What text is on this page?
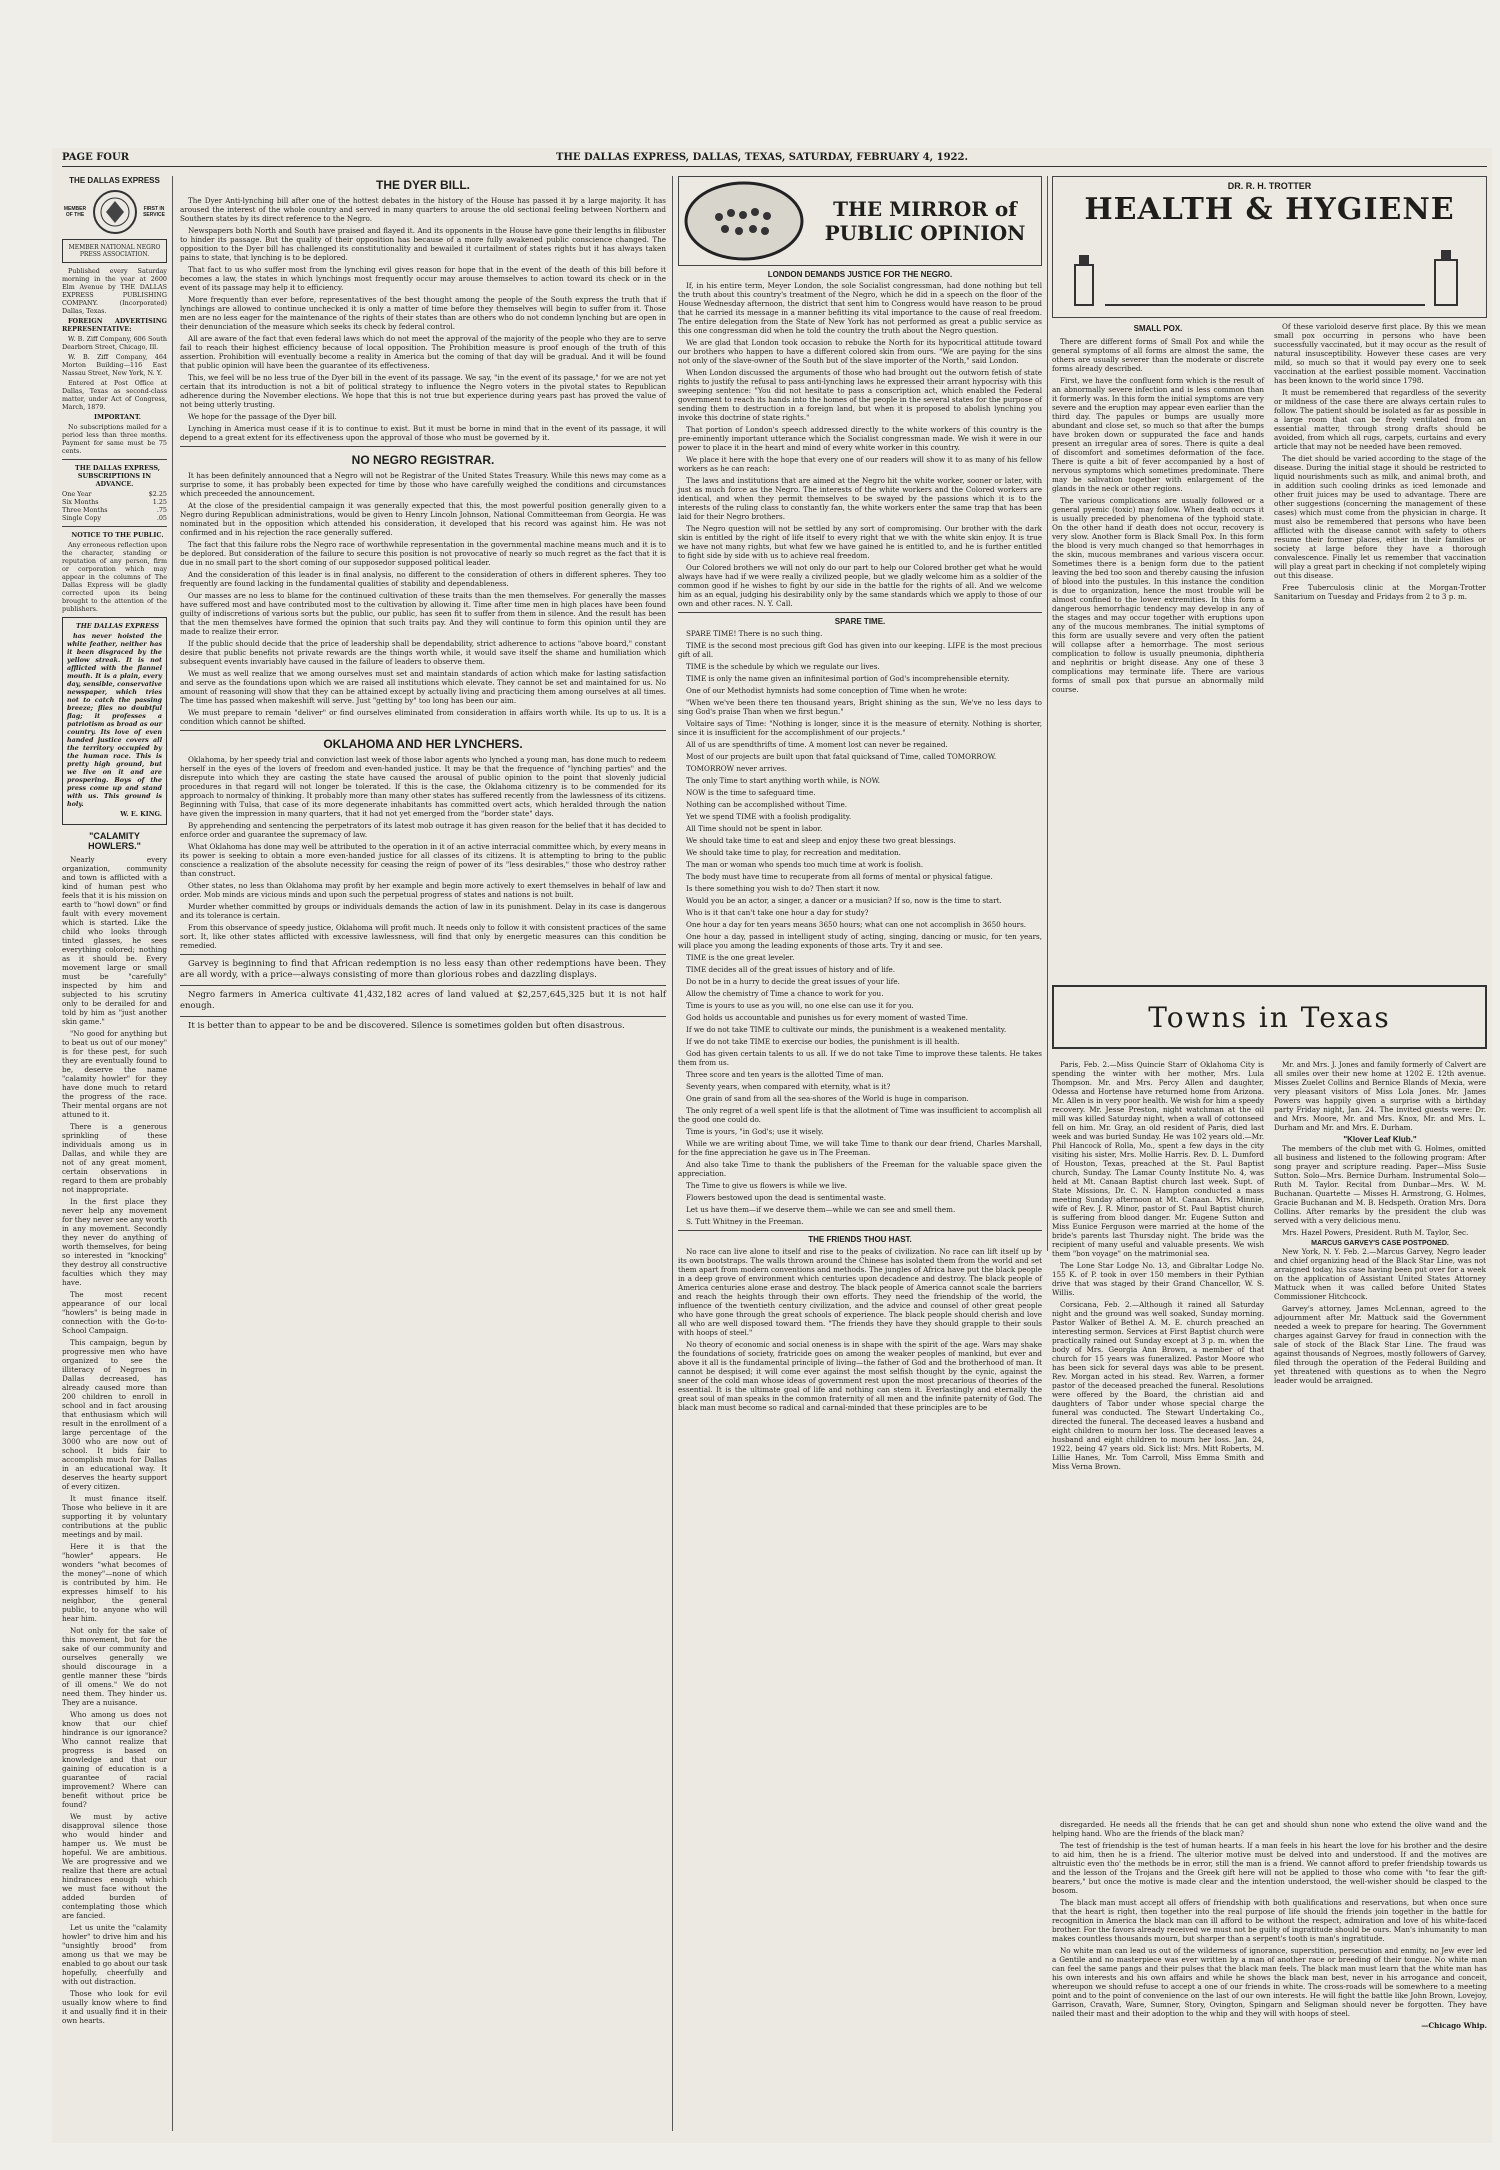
PAGE FOUR	THE DALLAS EXPRESS, DALLAS, TEXAS, SATURDAY, FEBRUARY 4, 1922.
THE DALLAS EXPRESS
MEMBER OF THE
FIRST IN SERVICE
MEMBER NATIONAL NEGRO PRESS ASSOCIATION.
Published every Saturday morning in the year at 2600 Elm Avenue by THE DALLAS EXPRESS PUBLISHING COMPANY. (Incorporated) Dallas, Texas.
FOREIGN ADVERTISING REPRESENTATIVE:
W. B. Ziff Company, 606 South Dearborn Street, Chicago, Ill.
W. B. Ziff Company, 464 Morton Building—116 East Nassau Street, New York, N. Y.
Entered at Post Office at Dallas, Texas as second-class matter, under Act of Congress, March, 1879.
IMPORTANT.
No subscriptions mailed for a period less than three months. Payment for same must be 75 cents.
THE DALLAS EXPRESS, SUBSCRIPTIONS IN ADVANCE.
One Year	$2.25
Six Months	1.25
Three Months	.75
Single Copy	.05
NOTICE TO THE PUBLIC.
Any erroneous reflection upon the character, standing or reputation of any person, firm or corporation which may appear in the columns of The Dallas Express will be gladly corrected upon its being brought to the attention of the publishers.
THE DALLAS EXPRESS
has never hoisted the white feather, neither has it been disgraced by the yellow streak. It is not afflicted with the flannel mouth. It is a plain, every day, sensible, conservative newspaper, which tries not to catch the passing breeze; flies no doubtful flag; it professes a patriotism as broad as our country. Its love of even handed justice covers all the territory occupied by the human race. This is pretty high ground, but we live on it and are prospering. Boys of the press come up and stand with us. This ground is holy.
W. E. KING.
"CALAMITY HOWLERS."
Nearly every organization, community and town is afflicted with a kind of human pest who feels that it is his mission on earth to "howl down" or find fault with every movement which is started. Like the child who looks through tinted glasses, he sees everything colored; nothing as it should be. Every movement large or small must be "carefully" inspected by him and subjected to his scrutiny only to be derailed for and told by him as "just another skin game."
"No good for anything but to beat us out of our money" is for these pest, for such they are eventually found to be, deserve the name "calamity howler" for they have done much to retard the progress of the race. Their mental organs are not attuned to it.
There is a generous sprinkling of these individuals among us in Dallas, and while they are not of any great moment, certain observations in regard to them are probably not inappropriate.
In the first place they never help any movement for they never see any worth in any movement. Secondly they never do anything of worth themselves, for being so interested in "knocking" they destroy all constructive faculties which they may have.
The most recent appearance of our local "howlers" is being made in connection with the Go-to-School Campaign.
This campaign, begun by progressive men who have organized to see the illiteracy of Negroes in Dallas decreased, has already caused more than 200 children to enroll in school and in fact arousing that enthusiasm which will result in the enrollment of a large percentage of the 3000 who are now out of school. It bids fair to accomplish much for Dallas in an educational way. It deserves the hearty support of every citizen.
It must finance itself. Those who believe in it are supporting it by voluntary contributions at the public meetings and by mail.
Here it is that the "howler" appears. He wonders "what becomes of the money"—none of which is contributed by him. He expresses himself to his neighbor, the general public, to anyone who will hear him.
Not only for the sake of this movement, but for the sake of our community and ourselves generally we should discourage in a gentle manner these "birds of ill omens." We do not need them. They hinder us. They are a nuisance.
Who among us does not know that our chief hindrance is our ignorance? Who cannot realize that progress is based on knowledge and that our gaining of education is a guarantee of racial improvement? Where can benefit without price be found?
We must by active disapproval silence those who would hinder and hamper us. We must be hopeful. We are ambitious. We are progressive and we realize that there are actual hindrances enough which we must face without the added burden of contemplating those which are fancied.
Let us unite the "calamity howler" to drive him and his "unsightly brood" from among us that we may be enabled to go about our task hopefully, cheerfully and with out distraction.
Those who look for evil usually know where to find it and usually find it in their own hearts.
THE DYER BILL.
The Dyer Anti-lynching bill after one of the hottest debates in the history of the House has passed it by a large majority. It has aroused the interest of the whole country and served in many quarters to arouse the old sectional feeling between Northern and Southern states by its direct reference to the Negro.
Newspapers both North and South have praised and flayed it. And its opponents in the House have gone their lengths in filibuster to hinder its passage. But the quality of their opposition has because of a more fully awakened public conscience changed. The opposition to the Dyer bill has challenged its constitutionality and bewailed it curtailment of states rights but it has always taken pains to state, that lynching is to be deplored.
That fact to us who suffer most from the lynching evil gives reason for hope that in the event of the death of this bill before it becomes a law, the states in which lynchings most frequently occur may arouse themselves to action toward its check or in the event of its passage may help it to efficiency.
More frequently than ever before, representatives of the best thought among the people of the South express the truth that if lynchings are allowed to continue unchecked it is only a matter of time before they themselves will begin to suffer from it. Those men are no less eager for the maintenance of the rights of their states than are others who do not condemn lynching but are open in their denunciation of the measure which seeks its check by federal control.
All are aware of the fact that even federal laws which do not meet the approval of the majority of the people who they are to serve fail to reach their highest efficiency because of local opposition. The Prohibition measure is proof enough of the truth of this assertion. Prohibition will eventually become a reality in America but the coming of that day will be gradual. And it will be found that public opinion will have been the guarantee of its effectiveness.
This, we feel will be no less true of the Dyer bill in the event of its passage. We say, "in the event of its passage," for we are not yet certain that its introduction is not a bit of political strategy to influence the Negro voters in the pivotal states to Republican adherence during the November elections. We hope that this is not true but experience during years past has proved the value of not being utterly trusting.
We hope for the passage of the Dyer bill.
Lynching in America must cease if it is to continue to exist. But it must be borne in mind that in the event of its passage, it will depend to a great extent for its effectiveness upon the approval of those who must be governed by it.
NO NEGRO REGISTRAR.
It has been definitely announced that a Negro will not be Registrar of the United States Treasury. While this news may come as a surprise to some, it has probably been expected for time by those who have carefully weighed the conditions and circumstances which preceeded the announcement.
At the close of the presidential campaign it was generally expected that this, the most powerful position generally given to a Negro during Republican administrations, would be given to Henry Lincoln Johnson, National Committeeman from Georgia. He was nominated but in the opposition which attended his consideration, it developed that his record was against him. He was not confirmed and in his rejection the race generally suffered.
The fact that this failure robs the Negro race of worthwhile representation in the governmental machine means much and it is to be deplored. But consideration of the failure to secure this position is not provocative of nearly so much regret as the fact that it is due in no small part to the short coming of our supposedor supposed political leader.
And the consideration of this leader is in final analysis, no different to the consideration of others in different spheres. They too frequently are found lacking in the fundamental qualities of stability and dependableness.
Our masses are no less to blame for the continued cultivation of these traits than the men themselves. For generally the masses have suffered most and have contributed most to the cultivation by allowing it. Time after time men in high places have been found guilty of indiscretions of various sorts but the public, our public, has seen fit to suffer from them in silence. And the result has been that the men themselves have formed the opinion that such traits pay. And they will continue to form this opinion until they are made to realize their error.
If the public should decide that the price of leadership shall be dependability, strict adherence to actions "above board," constant desire that public benefits not private rewards are the things worth while, it would save itself the shame and humiliation which subsequent events invariably have caused in the failure of leaders to observe them.
We must as well realize that we among ourselves must set and maintain standards of action which make for lasting satisfaction and serve as the foundations upon which we are raised all institutions which elevate. They cannot be set and maintained for us. No amount of reasoning will show that they can be attained except by actually living and practicing them among ourselves at all times. The time has passed when makeshift will serve. Just "getting by" too long has been our aim.
We must prepare to remain "deliver" or find ourselves eliminated from consideration in affairs worth while. Its up to us. It is a condition which cannot be shifted.
OKLAHOMA AND HER LYNCHERS.
Oklahoma, by her speedy trial and conviction last week of those labor agents who lynched a young man, has done much to redeem herself in the eyes of the lovers of freedom and even-handed justice. It may be that the frequence of "lynching parties" and the disrepute into which they are casting the state have caused the arousal of public opinion to the point that slovenly judicial procedures in that regard will not longer be tolerated. If this is the case, the Oklahoma citizenry is to be commended for its approach to normalcy of thinking. It probably more than many other states has suffered recently from the lawlessness of its citizens. Beginning with Tulsa, that case of its more degenerate inhabitants has committed overt acts, which heralded through the nation have given the impression in many quarters, that it had not yet emerged from the "border state" days.
By apprehending and sentencing the perpetrators of its latest mob outrage it has given reason for the belief that it has decided to enforce order and guarantee the supremacy of law.
What Oklahoma has done may well be attributed to the operation in it of an active interracial committee which, by every means in its power is seeking to obtain a more even-handed justice for all classes of its citizens. It is attempting to bring to the public conscience a realization of the absolute necessity for ceasing the reign of power of its "less desirables," those who destroy rather than construct.
Other states, no less than Oklahoma may profit by her example and begin more actively to exert themselves in behalf of law and order. Mob minds are vicious minds and upon such the perpetual progress of states and nations is not built.
Murder whether committed by groups or individuals demands the action of law in its punishment. Delay in its case is dangerous and its tolerance is certain.
From this observance of speedy justice, Oklahoma will profit much. It needs only to follow it with consistent practices of the same sort. It, like other states afflicted with excessive lawlessness, will find that only by energetic measures can this condition be remedied.
Garvey is beginning to find that African redemption is no less easy than other redemptions have been. They are all wordy, with a price—always consisting of more than glorious robes and dazzling displays.
Negro farmers in America cultivate 41,432,182 acres of land valued at $2,257,645,325 but it is not half enough.
It is better than to appear to be and be discovered. Silence is sometimes golden but often disastrous.
THE MIRROR of PUBLIC OPINION
LONDON DEMANDS JUSTICE FOR THE NEGRO.
If, in his entire term, Meyer London, the sole Socialist congressman, had done nothing but tell the truth about this country's treatment of the Negro, which he did in a speech on the floor of the House Wednesday afternoon, the district that sent him to Congress would have reason to be proud that he carried its message in a manner befitting its vital importance to the cause of real freedom. The entire delegation from the State of New York has not performed as great a public service as this one congressman did when he told the country the truth about the Negro question.
We are glad that London took occasion to rebuke the North for its hypocritical attitude toward our brothers who happen to have a different colored skin from ours. "We are paying for the sins not only of the slave-owner of the South but of the slave importer of the North," said London.
When London discussed the arguments of those who had brought out the outworn fetish of state rights to justify the refusal to pass anti-lynching laws he expressed their arrant hypocrisy with this sweeping sentence: "You did not hesitate to pass a conscription act, which enabled the Federal government to reach its hands into the homes of the people in the several states for the purpose of sending them to destruction in a foreign land, but when it is proposed to abolish lynching you invoke this doctrine of state rights."
That portion of London's speech addressed directly to the white workers of this country is the pre-eminently important utterance which the Socialist congressman made. We wish it were in our power to place it in the heart and mind of every white worker in this country.
We place it here with the hope that every one of our readers will show it to as many of his fellow workers as he can reach:
The laws and institutions that are aimed at the Negro hit the white worker, sooner or later, with just as much force as the Negro. The interests of the white workers and the Colored workers are identical, and when they permit themselves to be swayed by the passions which it is to the interests of the ruling class to constantly fan, the white workers enter the same trap that has been laid for their Negro brothers.
The Negro question will not be settled by any sort of compromising. Our brother with the dark skin is entitled by the right of life itself to every right that we with the white skin enjoy. It is true we have not many rights, but what few we have gained he is entitled to, and he is further entitled to fight side by side with us to achieve real freedom.
Our Colored brothers we will not only do our part to help our Colored brother get what he would always have had if we were really a civilized people, but we gladly welcome him as a soldier of the common good if he wishes to fight by our side in the battle for the rights of all. And we welcome him as an equal, judging his desirability only by the same standards which we apply to those of our own and other races. N. Y. Call.
SPARE TIME.
SPARE TIME! There is no such thing.
TIME is the second most precious gift God has given into our keeping. LIFE is the most precious gift of all.
TIME is the schedule by which we regulate our lives.
TIME is only the name given an infinitesimal portion of God's incomprehensible eternity.
One of our Methodist hymnists had some conception of Time when he wrote:
"When we've been there ten thousand years, Bright shining as the sun, We've no less days to sing God's praise Than when we first begun."
Voltaire says of Time: "Nothing is longer, since it is the measure of eternity. Nothing is shorter, since it is insufficient for the accomplishment of our projects."
All of us are spendthrifts of time. A moment lost can never be regained.
Most of our projects are built upon that fatal quicksand of Time, called TOMORROW.
TOMORROW never arrives.
The only Time to start anything worth while, is NOW.
NOW is the time to safeguard time.
Nothing can be accomplished without Time.
Yet we spend TIME with a foolish prodigality.
All Time should not be spent in labor.
We should take time to eat and sleep and enjoy these two great blessings.
We should take time to play, for recreation and meditation.
The man or woman who spends too much time at work is foolish.
The body must have time to recuperate from all forms of mental or physical fatigue.
Is there something you wish to do? Then start it now.
Would you be an actor, a singer, a dancer or a musician? If so, now is the time to start.
Who is it that can't take one hour a day for study?
One hour a day for ten years means 3650 hours; what can one not accomplish in 3650 hours.
One hour a day, passed in intelligent study of acting, singing, dancing or music, for ten years, will place you among the leading exponents of those arts. Try it and see.
TIME is the one great leveler.
TIME decides all of the great issues of history and of life.
Do not be in a hurry to decide the great issues of your life.
Allow the chemistry of Time a chance to work for you.
Time is yours to use as you will, no one else can use it for you.
God holds us accountable and punishes us for every moment of wasted Time.
If we do not take TIME to cultivate our minds, the punishment is a weakened mentality.
If we do not take TIME to exercise our bodies, the punishment is ill health.
God has given certain talents to us all. If we do not take Time to improve these talents. He takes them from us.
Three score and ten years is the allotted Time of man.
Seventy years, when compared with eternity, what is it?
One grain of sand from all the sea-shores of the World is huge in comparison.
The only regret of a well spent life is that the allotment of Time was insufficient to accomplish all the good one could do.
Time is yours, "in God's; use it wisely.
While we are writing about Time, we will take Time to thank our dear friend, Charles Marshall, for the fine appreciation he gave us in The Freeman.
And also take Time to thank the publishers of the Freeman for the valuable space given the appreciation.
The Time to give us flowers is while we live.
Flowers bestowed upon the dead is sentimental waste.
Let us have them—if we deserve them—while we can see and smell them.
S. Tutt Whitney in the Freeman.
THE FRIENDS THOU HAST.
No race can live alone to itself and rise to the peaks of civilization. No race can lift itself up by its own bootstraps. The walls thrown around the Chinese has isolated them from the world and set them apart from modern conventions and methods. The jungles of Africa have put the black people in a deep grove of environment which centuries upon decadence and destroy. The black people of America centuries alone erase and destroy. The black people of America cannot scale the barriers and reach the heights through their own efforts. They need the friendship of the world, the influence of the twentieth century civilization, and the advice and counsel of other great people who have gone through the great schools of experience. The black people should cherish and love all who are well disposed toward them. "The friends they have they should grapple to their souls with hoops of steel."
No theory of economic and social oneness is in shape with the spirit of the age. Wars may shake the foundations of society, fratricide goes on among the weaker peoples of mankind, but ever and above it all is the fundamental principle of living—the father of God and the brotherhood of man. It cannot be despised; it will come ever against the most selfish thought by the cynic, against the sneer of the cold man whose ideas of government rest upon the most precarious of theories of the essential. It is the ultimate goal of life and nothing can stem it. Everlastingly and eternally the great soul of man speaks in the common fraternity of all men and the infinite paternity of God. The black man must become so radical and carnal-minded that these principles are to be
DR. R. H. TROTTER
HEALTH & HYGIENE
SMALL POX.
There are different forms of Small Pox and while the general symptoms of all forms are almost the same, the others are usually severer than the moderate or discrete forms already described.
First, we have the confluent form which is the result of an abnormally severe infection and is less common than it formerly was. In this form the initial symptoms are very severe and the eruption may appear even earlier than the third day. The papules or bumps are usually more abundant and close set, so much so that after the bumps have broken down or suppurated the face and hands present an irregular area of sores. There is quite a deal of discomfort and sometimes deformation of the face. There is quite a bit of fever accompanied by a host of nervous symptoms which sometimes predominate. There may be salivation together with enlargement of the glands in the neck or other regions.
The various complications are usually followed or a general pyemic (toxic) may follow. When death occurs it is usually preceded by phenomena of the typhoid state. On the other hand if death does not occur, recovery is very slow. Another form is Black Small Pox. In this form the blood is very much changed so that hemorrhages in the skin, mucous membranes and various viscera occur. Sometimes there is a benign form due to the patient leaving the bed too soon and thereby causing the infusion of blood into the pustules. In this instance the condition is due to organization, hence the most trouble will be almost confined to the lower extremities. In this form a dangerous hemorrhagic tendency may develop in any of the stages and may occur together with eruptions upon any of the mucous membranes. The initial symptoms of this form are usually severe and very often the patient will collapse after a hemorrhage. The most serious complication to follow is usually pneumonia, diphtheria and nephritis or bright disease. Any one of these 3 complications may terminate life. There are various forms of small pox that pursue an abnormally mild course.
Of these varioloid deserve first place. By this we mean small pox occurring in persons who have been successfully vaccinated, but it may occur as the result of natural insusceptibility. However these cases are very mild, so much so that it would pay every one to seek vaccination at the earliest possible moment. Vaccination has been known to the world since 1798.
It must be remembered that regardless of the severity or mildness of the case there are always certain rules to follow. The patient should be isolated as far as possible in a large room that can be freely ventilated from an essential matter, through strong drafts should be avoided, from which all rugs, carpets, curtains and every article that may not be needed have been removed.
The diet should be varied according to the stage of the disease. During the initial stage it should be restricted to liquid nourishments such as milk, and animal broth, and in addition such cooling drinks as iced lemonade and other fruit juices may be used to advantage. There are other suggestions (concerning the management of these cases) which must come from the physician in charge. It must also be remembered that persons who have been afflicted with the disease cannot with safety to others resume their former places, either in their families or society at large before they have a thorough convalescence. Finally let us remember that vaccination will play a great part in checking if not completely wiping out this disease.
Free Tuberculosis clinic at the Morgan-Trotter Sanitarium on Tuesday and Fridays from 2 to 3 p. m.
Towns in Texas
Paris, Feb. 2.—Miss Quincie Starr of Oklahoma City is spending the winter with her mother, Mrs. Lula Thompson. Mr. and Mrs. Percy Allen and daughter, Odessa and Hortense have returned home from Arizona. Mr. Allen is in very poor health. We wish for him a speedy recovery. Mr. Jesse Preston, night watchman at the oil mill was killed Saturday night, when a wall of cottonseed fell on him. Mr. Gray, an old resident of Paris, died last week and was buried Sunday. He was 102 years old.—Mr. Phil Hancock of Rolla, Mo., spent a few days in the city visiting his sister, Mrs. Mollie Harris. Rev. D. L. Dumford of Houston, Texas, preached at the St. Paul Baptist church, Sunday. The Lamar County Institute No. 4, was held at Mt. Canaan Baptist church last week. Supt. of State Missions, Dr. C. N. Hampton conducted a mass meeting Sunday afternoon at Mt. Canaan. Mrs. Minnie, wife of Rev. J. R. Minor, pastor of St. Paul Baptist church is suffering from blood danger. Mr. Eugene Sutton and Miss Eunice Ferguson were married at the home of the bride's parents last Thursday night. The bride was the recipient of many useful and valuable presents. We wish them "bon voyage" on the matrimonial sea.
The Lone Star Lodge No. 13, and Gibraltar Lodge No. 155 K. of P. took in over 150 members in their Pythian drive that was staged by their Grand Chancellor, W. S. Willis.
Corsicana, Feb. 2.—Although it rained all Saturday night and the ground was well soaked, Sunday morning. Pastor Walker of Bethel A. M. E. church preached an interesting sermon. Services at First Baptist church were practically rained out Sunday except at 3 p. m. when the body of Mrs. Georgia Ann Brown, a member of that church for 15 years was funeralized. Pastor Moore who has been sick for several days was able to be present. Rev. Morgan acted in his stead. Rev. Warren, a former pastor of the deceased preached the funeral. Resolutions were offered by the Board, the christian aid and daughters of Tabor under whose special charge the funeral was conducted. The Stewart Undertaking Co., directed the funeral. The deceased leaves a husband and eight children to mourn her loss. The deceased leaves a husband and eight children to mourn her loss. Jan. 24, 1922, being 47 years old. Sick list: Mrs. Mitt Roberts, M. Lillie Hanes, Mr. Tom Carroll, Miss Emma Smith and Miss Verna Brown.
Mr. and Mrs. J. Jones and family formerly of Calvert are all smiles over their new home at 1202 E. 12th avenue. Misses Zuelet Collins and Bernice Blands of Mexia, were very pleasant visitors of Miss Lola Jones. Mr. James Powers was happily given a surprise with a birthday party Friday night, Jan. 24. The invited guests were: Dr. and Mrs. Moore, Mr. and Mrs. Knox, Mr. and Mrs. L. Durham and Mr. and Mrs. E. Durham.
"Klover Leaf Klub."
The members of the club met with G. Holmes, omitted all business and listened to the following program: After song prayer and scripture reading. Paper—Miss Susie Sutton. Solo—Mrs. Bernice Durham. Instrumental Solo—Ruth M. Taylor. Recital from Dunbar—Mrs. W. M. Buchanan. Quartette — Misses H. Armstrong, G. Holmes, Gracie Buchanan and M. B. Hedspeth. Oration Mrs. Dora Collins. After remarks by the president the club was served with a very delicious menu.
Mrs. Hazel Powers, President. Ruth M. Taylor, Sec.
MARCUS GARVEY'S CASE POSTPONED.
New York, N. Y. Feb. 2.—Marcus Garvey, Negro leader and chief organizing head of the Black Star Line, was not arraigned today, his case having been put over for a week on the application of Assistant United States Attorney Mattuck when it was called before United States Commissioner Hitchcock.
Garvey's attorney, James McLennan, agreed to the adjournment after Mr. Mattuck said the Government needed a week to prepare for hearing. The Government charges against Garvey for fraud in connection with the sale of stock of the Black Star Line. The fraud was against thousands of Negroes, mostly followers of Garvey, filed through the operation of the Federal Building and yet threatened with questions as to when the Negro leader would be arraigned.
disregarded. He needs all the friends that he can get and should shun none who extend the olive wand and the helping hand. Who are the friends of the black man?
The test of friendship is the test of human hearts. If a man feels in his heart the love for his brother and the desire to aid him, then he is a friend. The ulterior motive must be delved into and understood. If and the motives are altruistic even tho' the methods be in error, still the man is a friend. We cannot afford to prefer friendship towards us and the lesson of the Trojans and the Greek gift here will not be applied to those who come with "to fear the gift-bearers," but once the motive is made clear and the intention understood, the well-wisher should be clasped to the bosom.
The black man must accept all offers of friendship with both qualifications and reservations, but when once sure that the heart is right, then together into the real purpose of life should the friends join together in the battle for recognition in America the black man can ill afford to be without the respect, admiration and love of his white-faced brother. For the favors already received we must not be guilty of ingratitude should be ours. Man's inhumanity to man makes countless thousands mourn, but sharper than a serpent's tooth is man's ingratitude.
No white man can lead us out of the wilderness of ignorance, superstition, persecution and enmity, no Jew ever led a Gentile and no masterpiece was ever written by a man of another race or breeding of their tongue. No white man can feel the same pangs and their pulses that the black man feels. The black man must learn that the white man has his own interests and his own affairs and while he shows the black man best, never in his arrogance and conceit, whereupon we should refuse to accept a one of our friends in white. The cross-roads will be somewhere to a meeting point and to the point of convenience on the last of our own interests. He will fight the battle like John Brown, Lovejoy, Garrison, Cravath, Ware, Sumner, Story, Ovington, Spingarn and Seligman should never be forgotten. They have nailed their mast and their adoption to the whip and they will with hoops of steel.
—Chicago Whip.
